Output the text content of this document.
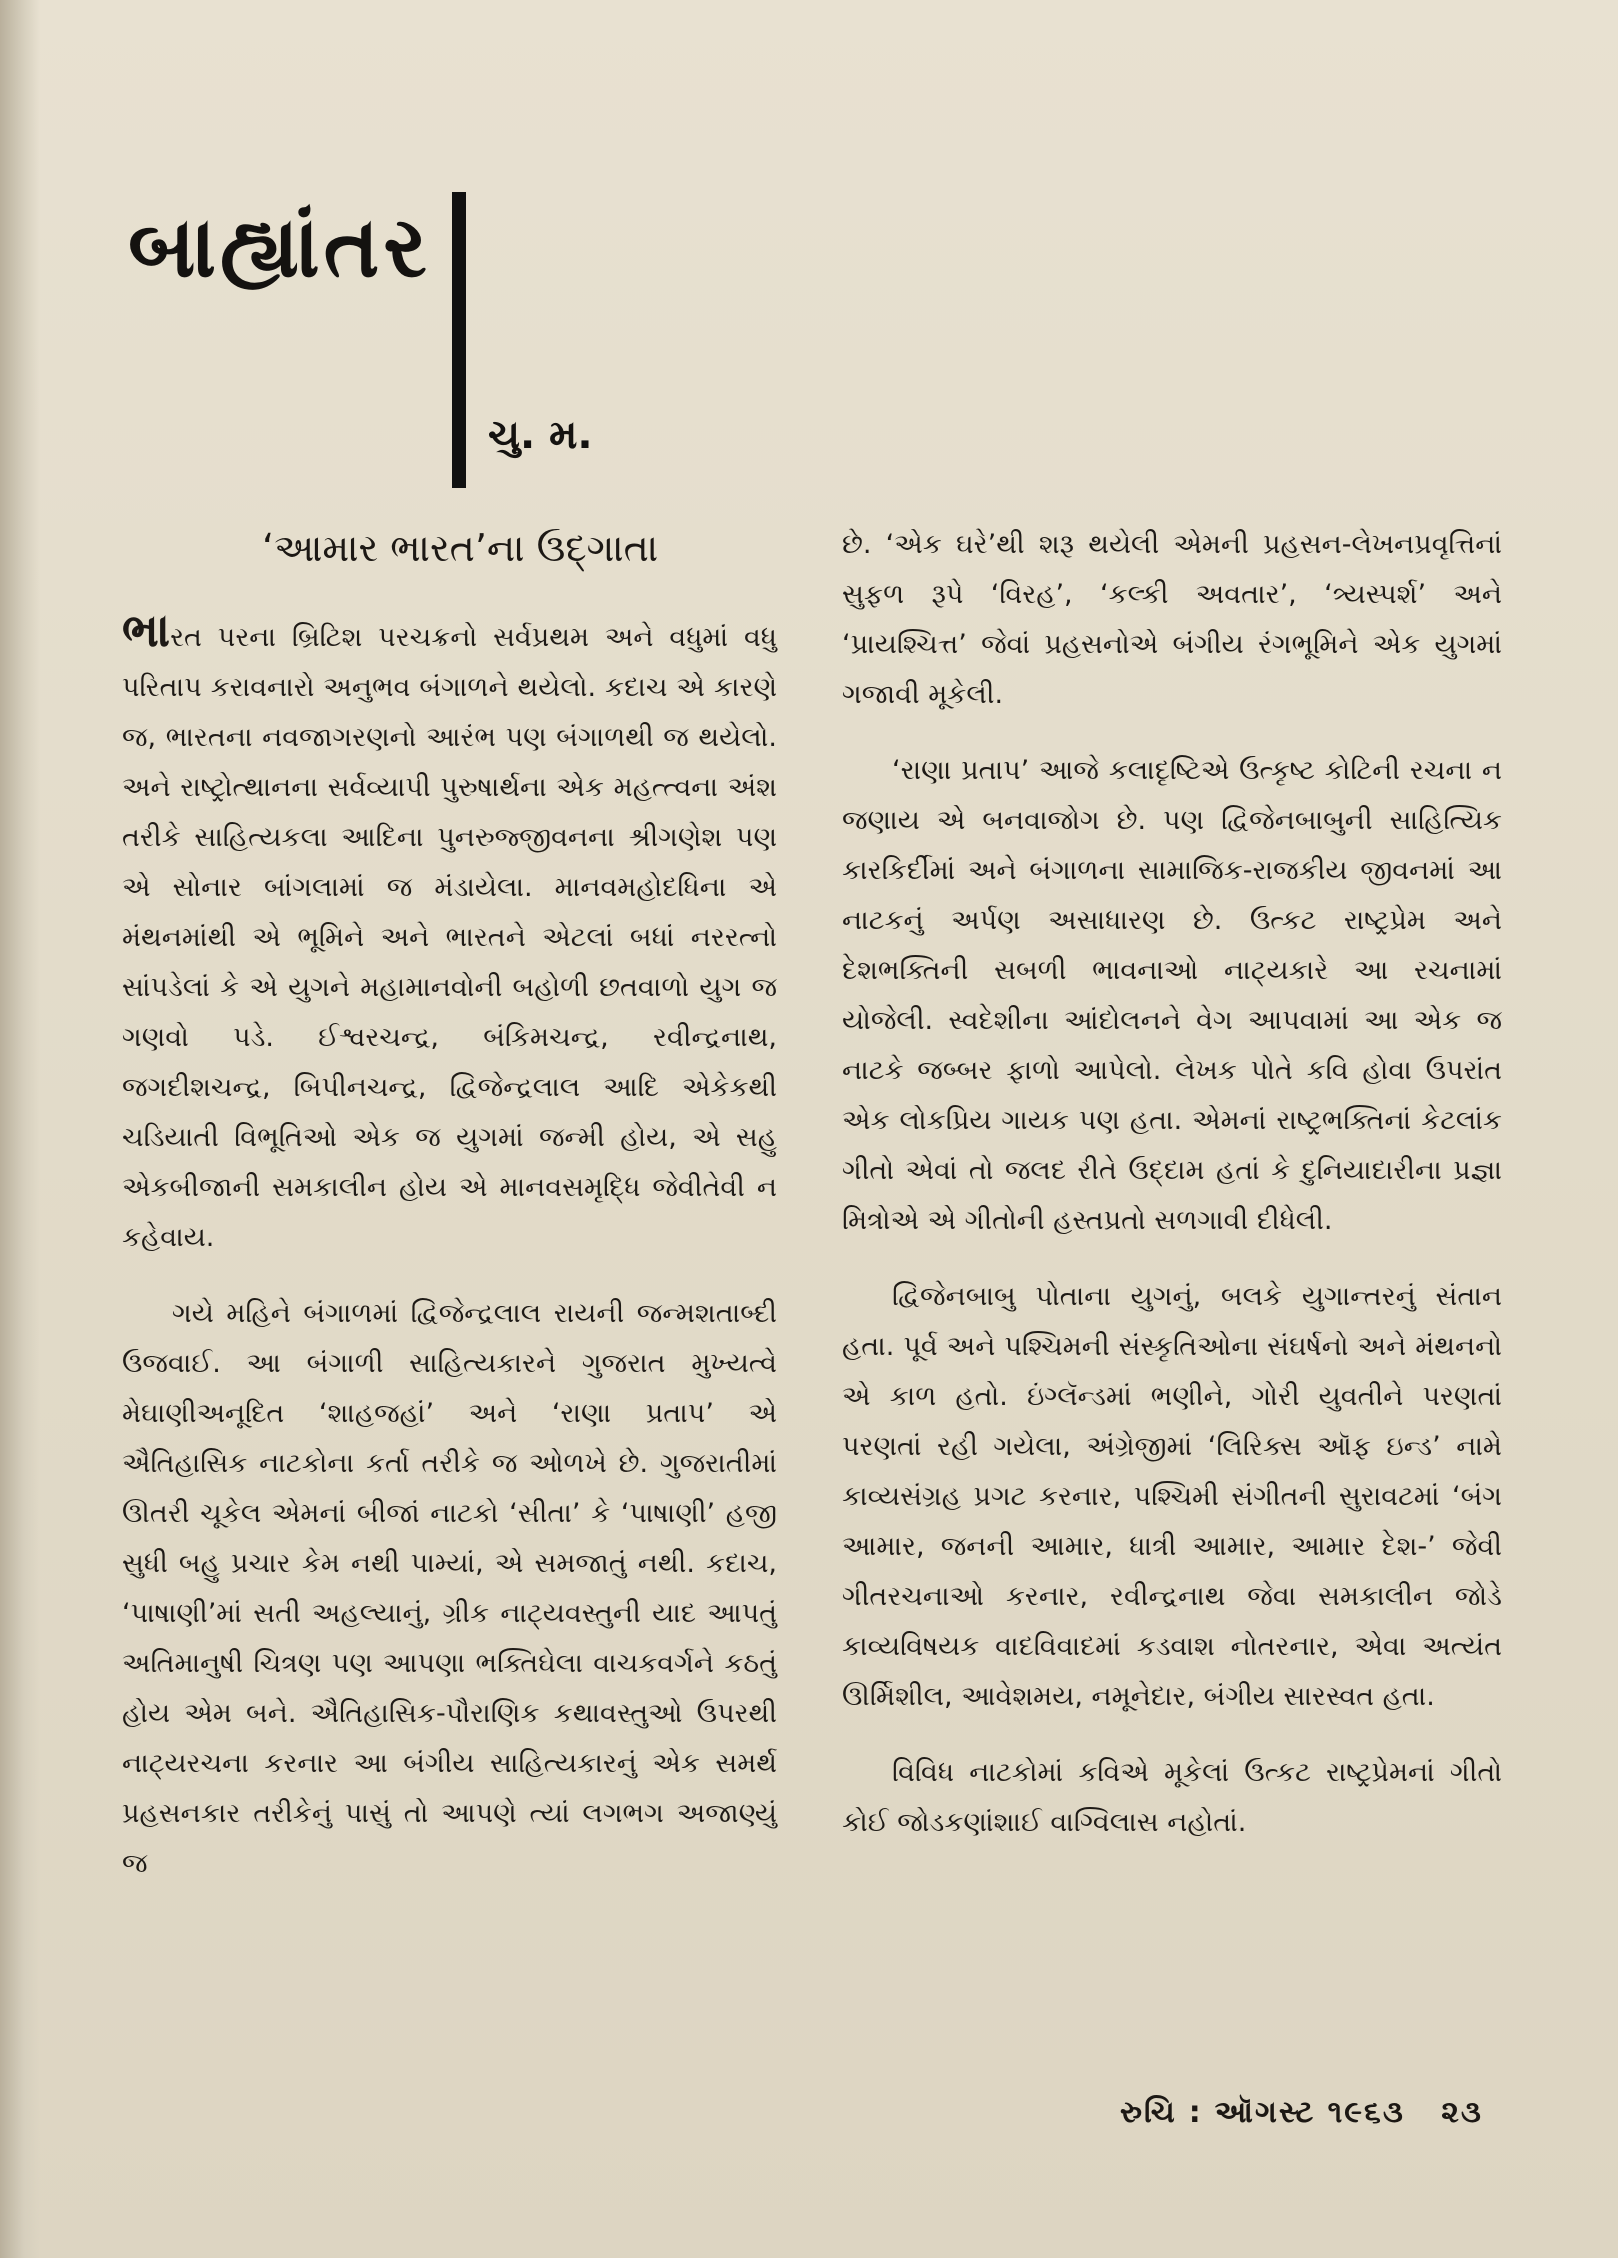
બાહ્યાંતર
ચુ. મ.
‘આમાર ભારત’ના ઉદ્ગાતા

ભારત પરના બ્રિટિશ પરચક્રનો સર્વપ્રથમ અને વધુમાં વધુ પરિતાપ કરાવનારો અનુભવ બંગાળને થયેલો. કદાચ એ કારણે જ, ભારતના નવજાગરણનો આરંભ પણ બંગાળથી જ થયેલો. અને રાષ્ટ્રોત્થાનના સર્વવ્યાપી પુરુષાર્થના એક મહત્ત્વના અંશ તરીકે સાહિત્યકલા આદિના પુનરુજ્જીવનના શ્રીગણેશ પણ એ સોનાર બાંગલામાં જ મંડાયેલા. માનવમહોદધિના એ મંથનમાંથી એ ભૂમિને અને ભારતને એટલાં બધાં નરરત્નો સાંપડેલાં કે એ યુગને મહામાનવોની બહોળી છતવાળો યુગ જ ગણવો પડે. ઈશ્વરચન્દ્ર, બંકિમચન્દ્ર, રવીન્દ્રનાથ, જગદીશચન્દ્ર, બિપીનચન્દ્ર, દ્વિજેન્દ્રલાલ આદિ એકેકથી ચડિયાતી વિભૂતિઓ એક જ યુગમાં જન્મી હોય, એ સહુ એકબીજાની સમકાલીન હોય એ માનવસમૃદ્ધિ જેવીતેવી ન કહેવાય.

ગયે મહિને બંગાળમાં દ્વિજેન્દ્રલાલ રાયની જન્મશતાબ્દી ઉજવાઈ. આ બંગાળી સાહિત્યકારને ગુજરાત મુખ્યત્વે મેઘાણીઅનૂદિત ‘શાહજહાં’ અને ‘રાણા પ્રતાપ’ એ ઐતિહાસિક નાટકોના કર્તા તરીકે જ ઓળખે છે. ગુજરાતીમાં ઊતરી ચૂકેલ એમનાં બીજાં નાટકો ‘સીતા’ કે ‘પાષાણી’ હજી સુધી બહુ પ્રચાર કેમ નથી પામ્યાં, એ સમજાતું નથી. કદાચ, ‘પાષાણી’માં સતી અહલ્યાનું, ગ્રીક નાટ્યવસ્તુની યાદ આપતું અતિમાનુષી ચિત્રણ પણ આપણા ભક્તિઘેલા વાચકવર્ગને કઠતું હોય એમ બને. ઐતિહાસિક-પૌરાણિક કથાવસ્તુઓ ઉપરથી નાટ્યરચના કરનાર આ બંગીય સાહિત્યકારનું એક સમર્થ પ્રહસનકાર તરીકેનું પાસું તો આપણે ત્યાં લગભગ અજાણ્યું જ

છે. ‘એક ઘરે’થી શરૂ થયેલી એમની પ્રહસન-લેખનપ્રવૃત્તિનાં સુફળ રૂપે ‘વિરહ’, ‘કલ્કી અવતાર’, ‘ત્ર્યસ્પર્શ’ અને ‘પ્રાયશ્ચિત્ત’ જેવાં પ્રહસનોએ બંગીય રંગભૂમિને એક યુગમાં ગજાવી મૂકેલી.

‘રાણા પ્રતાપ’ આજે કલાદૃષ્ટિએ ઉત્કૃષ્ટ કોટિની રચના ન જણાય એ બનવાજોગ છે. પણ દ્વિજેનબાબુની સાહિત્યિક કારકિર્દીમાં અને બંગાળના સામાજિક-રાજકીય જીવનમાં આ નાટકનું અર્પણ અસાધારણ છે. ઉત્કટ રાષ્ટ્રપ્રેમ અને દેશભક્તિની સબળી ભાવનાઓ નાટ્યકારે આ રચનામાં યોજેલી. સ્વદેશીના આંદોલનને વેગ આપવામાં આ એક જ નાટકે જબ્બર ફાળો આપેલો. લેખક પોતે કવિ હોવા ઉપરાંત એક લોકપ્રિય ગાયક પણ હતા. એમનાં રાષ્ટ્રભક્તિનાં કેટલાંક ગીતો એવાં તો જલદ રીતે ઉદ્દામ હતાં કે દુનિયાદારીના પ્રજ્ઞા મિત્રોએ એ ગીતોની હસ્તપ્રતો સળગાવી દીધેલી.

દ્વિજેનબાબુ પોતાના યુગનું, બલકે યુગાન્તરનું સંતાન હતા. પૂર્વ અને પશ્ચિમની સંસ્કૃતિઓના સંઘર્ષનો અને મંથનનો એ કાળ હતો. ઇંગ્લૅન્ડમાં ભણીને, ગોરી યુવતીને પરણતાં પરણતાં રહી ગયેલા, અંગ્રેજીમાં ‘લિરિક્સ ઑફ ઇન્ડ’ નામે કાવ્યસંગ્રહ પ્રગટ કરનાર, પશ્ચિમી સંગીતની સુરાવટમાં ‘બંગ આમાર, જનની આમાર, ધાત્રી આમાર, આમાર દેશ-’ જેવી ગીતરચનાઓ કરનાર, રવીન્દ્રનાથ જેવા સમકાલીન જોડે કાવ્યવિષયક વાદવિવાદમાં કડવાશ નોતરનાર, એવા અત્યંત ઊર્મિશીલ, આવેશમય, નમૂનેદાર, બંગીય સારસ્વત હતા.

વિવિધ નાટકોમાં કવિએ મૂકેલાં ઉત્કટ રાષ્ટ્રપ્રેમનાં ગીતો કોઈ જોડકણાંશાઈ વાગ્વિલાસ નહોતાં.

રુચિ : ઑગસ્ટ ૧૯૬૩ ૨૩
